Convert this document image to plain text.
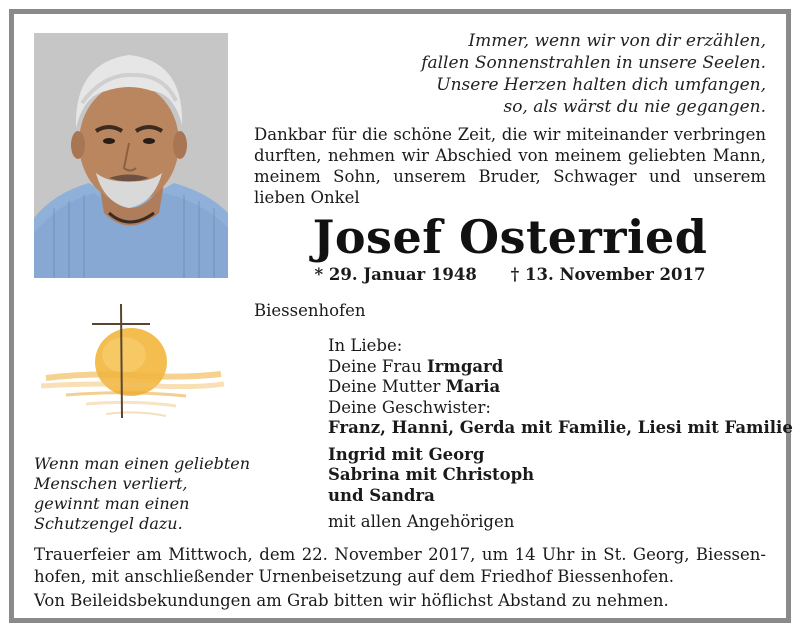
Immer, wenn wir von dir erzählen,
fallen Sonnenstrahlen in unsere Seelen.
Unsere Herzen halten dich umfangen,
so, als wärst du nie gegangen.
Dankbar für die schöne Zeit, die wir miteinander verbringen durften, nehmen wir Abschied von meinem geliebten Mann, meinem Sohn, unserem Bruder, Schwager und unserem lieben Onkel
Josef Osterried
* 29. Januar 1948 † 13. November 2017
Biessenhofen
In Liebe:
Deine Frau Irmgard
Deine Mutter Maria
Deine Geschwister:
Franz, Hanni, Gerda mit Familie, Liesi mit Familie
Ingrid mit Georg
Sabrina mit Christoph
und Sandra
mit allen Angehörigen
Wenn man einen geliebten
Menschen verliert,
gewinnt man einen
Schutzengel dazu.
Trauerfeier am Mittwoch, dem 22. November 2017, um 14 Uhr in St. Georg, Biessen-hofen, mit anschließender Urnenbeisetzung auf dem Friedhof Biessenhofen.
Von Beileidsbekundungen am Grab bitten wir höflichst Abstand zu nehmen.
